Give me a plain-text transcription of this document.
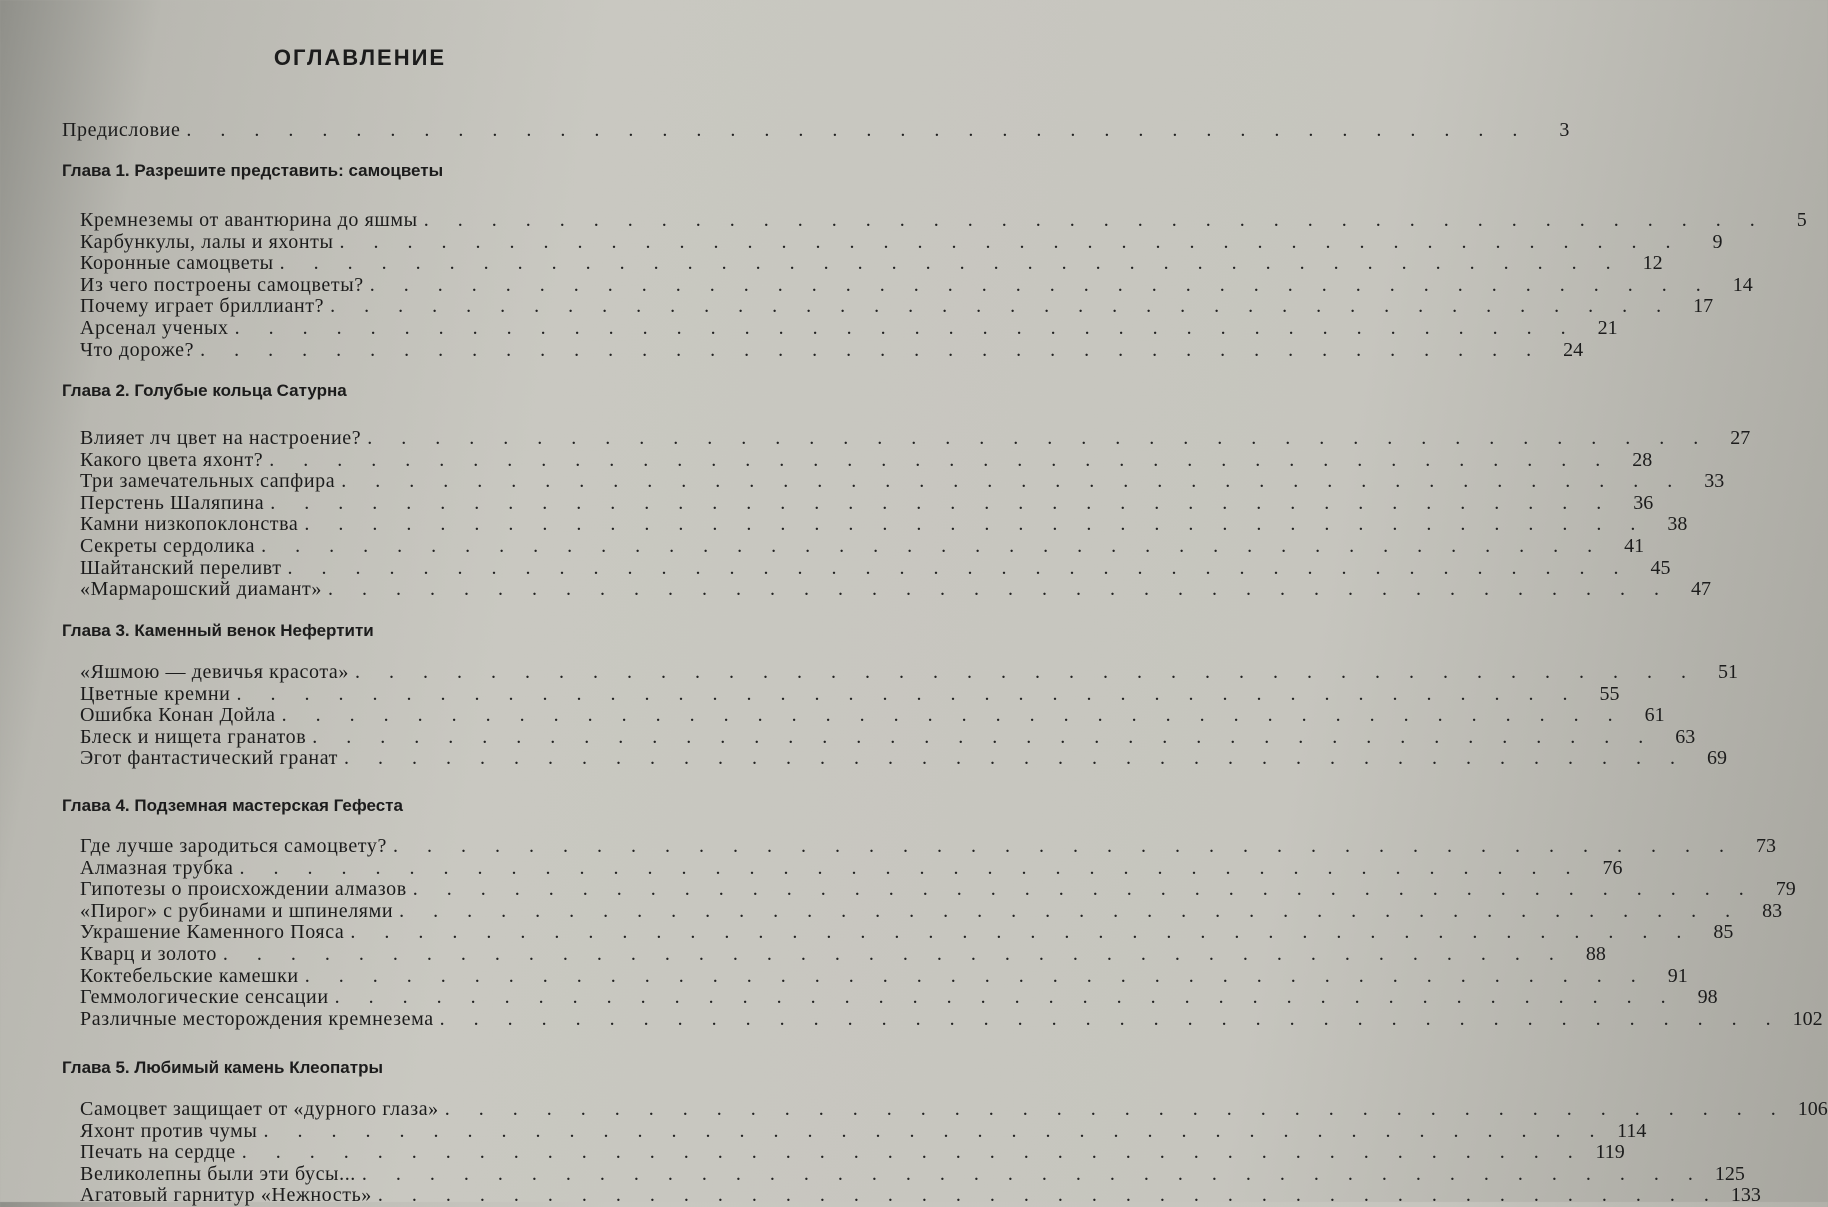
ОГЛАВЛЕНИЕ
Предисловие . . . . . . . . . . . . . . . . . . . . . . . . . . . . . . . . . . . . . . . .	3
Глава 1. Разрешите представить: самоцветы
Кремнеземы от авантюрина до яшмы . . . . . . . . . . . . . . . . . . . . . . . . . . . . . . . . . . . . . . . .	5
Карбункулы, лалы и яхонты . . . . . . . . . . . . . . . . . . . . . . . . . . . . . . . . . . . . . . . .	9
Коронные самоцветы . . . . . . . . . . . . . . . . . . . . . . . . . . . . . . . . . . . . . . . .	12
Из чего построены самоцветы? . . . . . . . . . . . . . . . . . . . . . . . . . . . . . . . . . . . . . . . .	14
Почему играет бриллиант? . . . . . . . . . . . . . . . . . . . . . . . . . . . . . . . . . . . . . . . .	17
Арсенал ученых . . . . . . . . . . . . . . . . . . . . . . . . . . . . . . . . . . . . . . . .	21
Что дороже? . . . . . . . . . . . . . . . . . . . . . . . . . . . . . . . . . . . . . . . .	24
Глава 2. Голубые кольца Сатурна
Влияет лч цвет на настроение? . . . . . . . . . . . . . . . . . . . . . . . . . . . . . . . . . . . . . . . .	27
Какого цвета яхонт? . . . . . . . . . . . . . . . . . . . . . . . . . . . . . . . . . . . . . . . .	28
Три замечательных сапфира . . . . . . . . . . . . . . . . . . . . . . . . . . . . . . . . . . . . . . . .	33
Перстень Шаляпина . . . . . . . . . . . . . . . . . . . . . . . . . . . . . . . . . . . . . . . .	36
Камни низкопоклонства . . . . . . . . . . . . . . . . . . . . . . . . . . . . . . . . . . . . . . . .	38
Секреты сердолика . . . . . . . . . . . . . . . . . . . . . . . . . . . . . . . . . . . . . . . .	41
Шайтанский переливт . . . . . . . . . . . . . . . . . . . . . . . . . . . . . . . . . . . . . . . .	45
«Мармарошский диамант» . . . . . . . . . . . . . . . . . . . . . . . . . . . . . . . . . . . . . . . .	47
Глава 3. Каменный венок Нефертити
«Яшмою — девичья красота» . . . . . . . . . . . . . . . . . . . . . . . . . . . . . . . . . . . . . . . .	51
Цветные кремни . . . . . . . . . . . . . . . . . . . . . . . . . . . . . . . . . . . . . . . .	55
Ошибка Конан Дойла . . . . . . . . . . . . . . . . . . . . . . . . . . . . . . . . . . . . . . . .	61
Блеск и нищета гранатов . . . . . . . . . . . . . . . . . . . . . . . . . . . . . . . . . . . . . . . .	63
Эгот фантастический гранат . . . . . . . . . . . . . . . . . . . . . . . . . . . . . . . . . . . . . . . .	69
Глава 4. Подземная мастерская Гефеста
Где лучше зародиться самоцвету? . . . . . . . . . . . . . . . . . . . . . . . . . . . . . . . . . . . . . . . .	73
Алмазная трубка . . . . . . . . . . . . . . . . . . . . . . . . . . . . . . . . . . . . . . . .	76
Гипотезы о происхождении алмазов . . . . . . . . . . . . . . . . . . . . . . . . . . . . . . . . . . . . . . . .	79
«Пирог» с рубинами и шпинелями . . . . . . . . . . . . . . . . . . . . . . . . . . . . . . . . . . . . . . . .	83
Украшение Каменного Пояса . . . . . . . . . . . . . . . . . . . . . . . . . . . . . . . . . . . . . . . .	85
Кварц и золото . . . . . . . . . . . . . . . . . . . . . . . . . . . . . . . . . . . . . . . .	88
Коктебельские камешки . . . . . . . . . . . . . . . . . . . . . . . . . . . . . . . . . . . . . . . .	91
Геммологические сенсации . . . . . . . . . . . . . . . . . . . . . . . . . . . . . . . . . . . . . . . .	98
Различные месторождения кремнезема . . . . . . . . . . . . . . . . . . . . . . . . . . . . . . . . . . . . . . . . 102
Глава 5. Любимый камень Клеопатры
Самоцвет защищает от «дурного глаза» . . . . . . . . . . . . . . . . . . . . . . . . . . . . . . . . . . . . . . . . 106
Яхонт против чумы . . . . . . . . . . . . . . . . . . . . . . . . . . . . . . . . . . . . . . . . 114
Печать на сердце . . . . . . . . . . . . . . . . . . . . . . . . . . . . . . . . . . . . . . . . 119
Великолепны были эти бусы... . . . . . . . . . . . . . . . . . . . . . . . . . . . . . . . . . . . . . . . . 125
Агатовый гарнитур «Нежность» . . . . . . . . . . . . . . . . . . . . . . . . . . . . . . . . . . . . . . . . 133
